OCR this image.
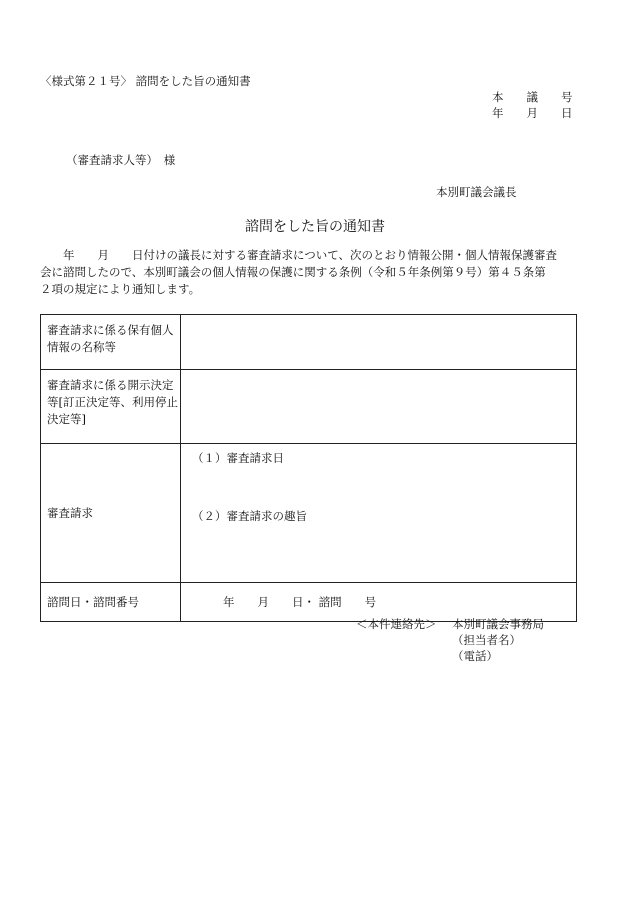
〈様式第２１号〉 諮問をした旨の通知書
本　　議　　号
年　　月　　日
（審査請求人等）　様
本別町議会議長
諮問をした旨の通知書
年　　月　　日付けの議長に対する審査請求について、次のとおり情報公開・個人情報保護審査
会に諮問したので、本別町議会の個人情報の保護に関する条例（令和５年条例第９号）第４５条第
２項の規定により通知します。
審査請求に係る保有個人情報の名称等	
審査請求に係る開示決定等[訂正決定等、利用停止決定等]	
審査請求	（１）審査請求日
（２）審査請求の趣旨

諮問日・諮問番号	年　　月　　日・ 諮問　　号
＜本件連絡先＞ 本別町議会事務局
（担当者名）
（電話）
